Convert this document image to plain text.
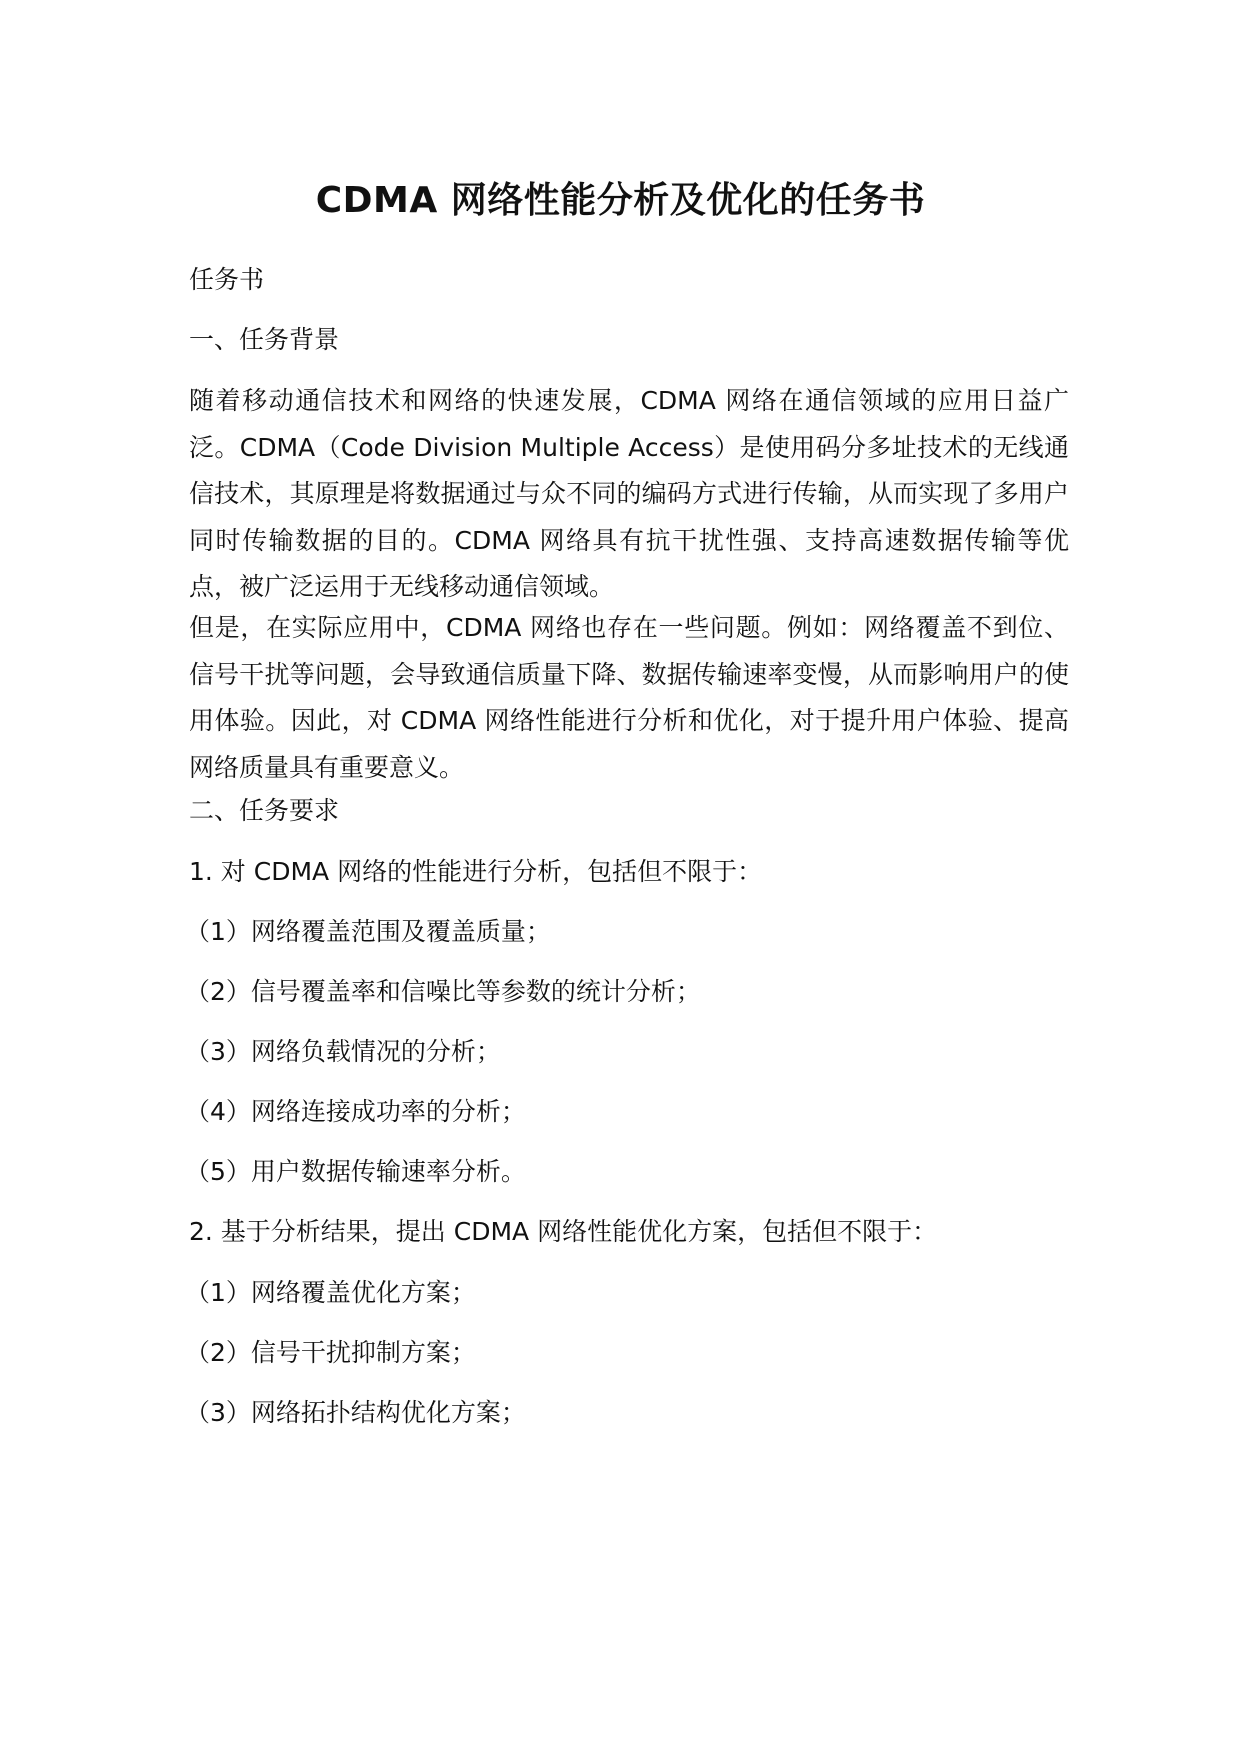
CDMA 网络性能分析及优化的任务书

任务书

一、任务背景

随着移动通信技术和网络的快速发展，CDMA 网络在通信领域的应用日益广泛。CDMA（Code Division Multiple Access）是使用码分多址技术的无线通信技术，其原理是将数据通过与众不同的编码方式进行传输，从而实现了多用户同时传输数据的目的。CDMA 网络具有抗干扰性强、支持高速数据传输等优点，被广泛运用于无线移动通信领域。

但是，在实际应用中，CDMA 网络也存在一些问题。例如：网络覆盖不到位、信号干扰等问题，会导致通信质量下降、数据传输速率变慢，从而影响用户的使用体验。因此，对 CDMA 网络性能进行分析和优化，对于提升用户体验、提高网络质量具有重要意义。

二、任务要求

1. 对 CDMA 网络的性能进行分析，包括但不限于：

（1）网络覆盖范围及覆盖质量；

（2）信号覆盖率和信噪比等参数的统计分析；

（3）网络负载情况的分析；

（4）网络连接成功率的分析；

（5）用户数据传输速率分析。

2. 基于分析结果，提出 CDMA 网络性能优化方案，包括但不限于：

（1）网络覆盖优化方案；

（2）信号干扰抑制方案；

（3）网络拓扑结构优化方案；
